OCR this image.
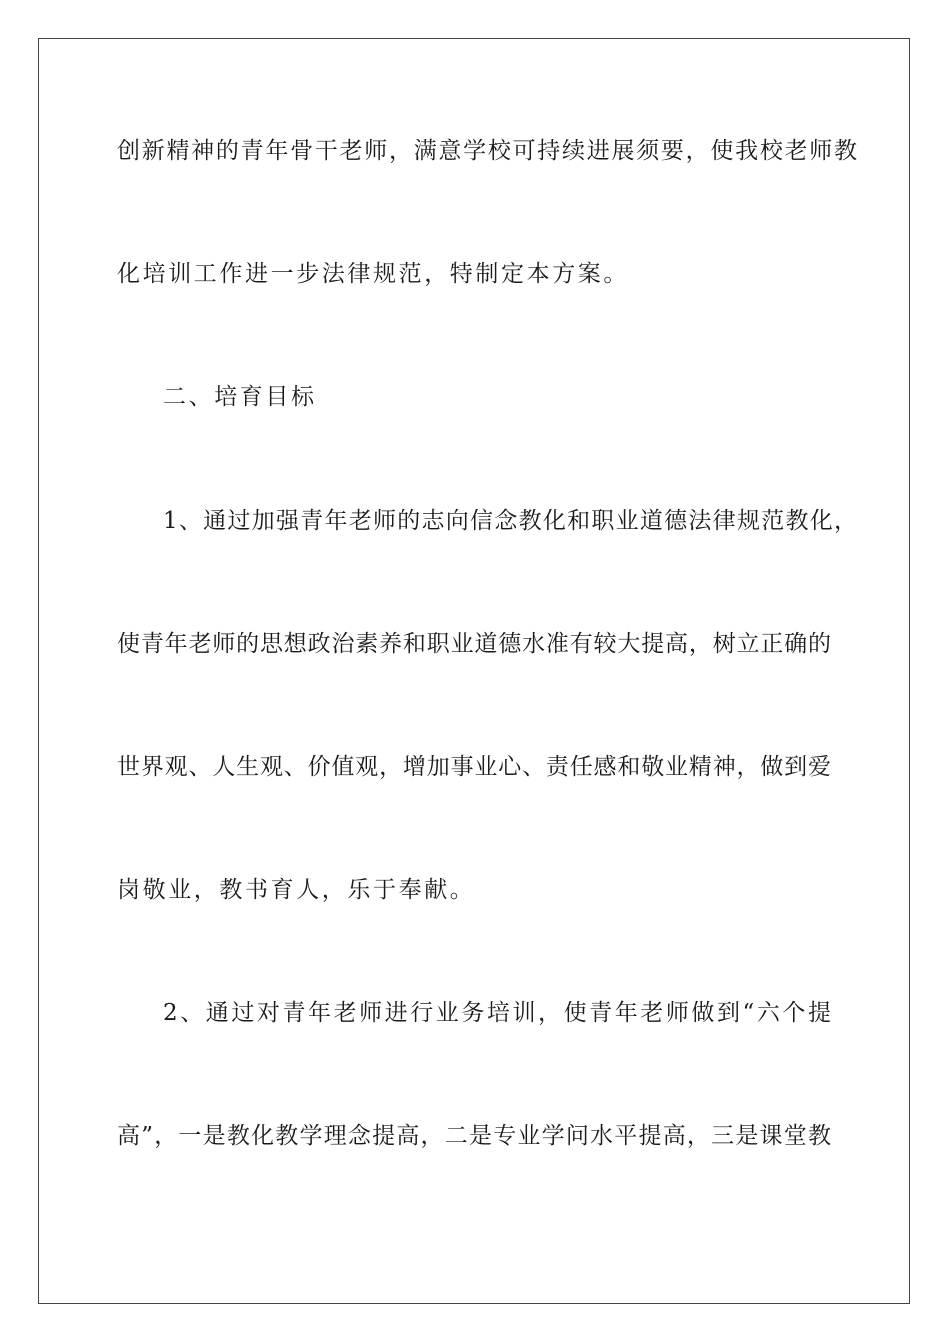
创新精神的青年骨干老师，满意学校可持续进展须要，使我校老师教
化培训工作进一步法律规范，特制定本方案。
二、培育目标
1、通过加强青年老师的志向信念教化和职业道德法律规范教化，
使青年老师的思想政治素养和职业道德水准有较大提高，树立正确的
世界观、人生观、价值观，增加事业心、责任感和敬业精神，做到爱
岗敬业，教书育人，乐于奉献。
2、通过对青年老师进行业务培训，使青年老师做到“六个提
高”，一是教化教学理念提高，二是专业学问水平提高，三是课堂教
